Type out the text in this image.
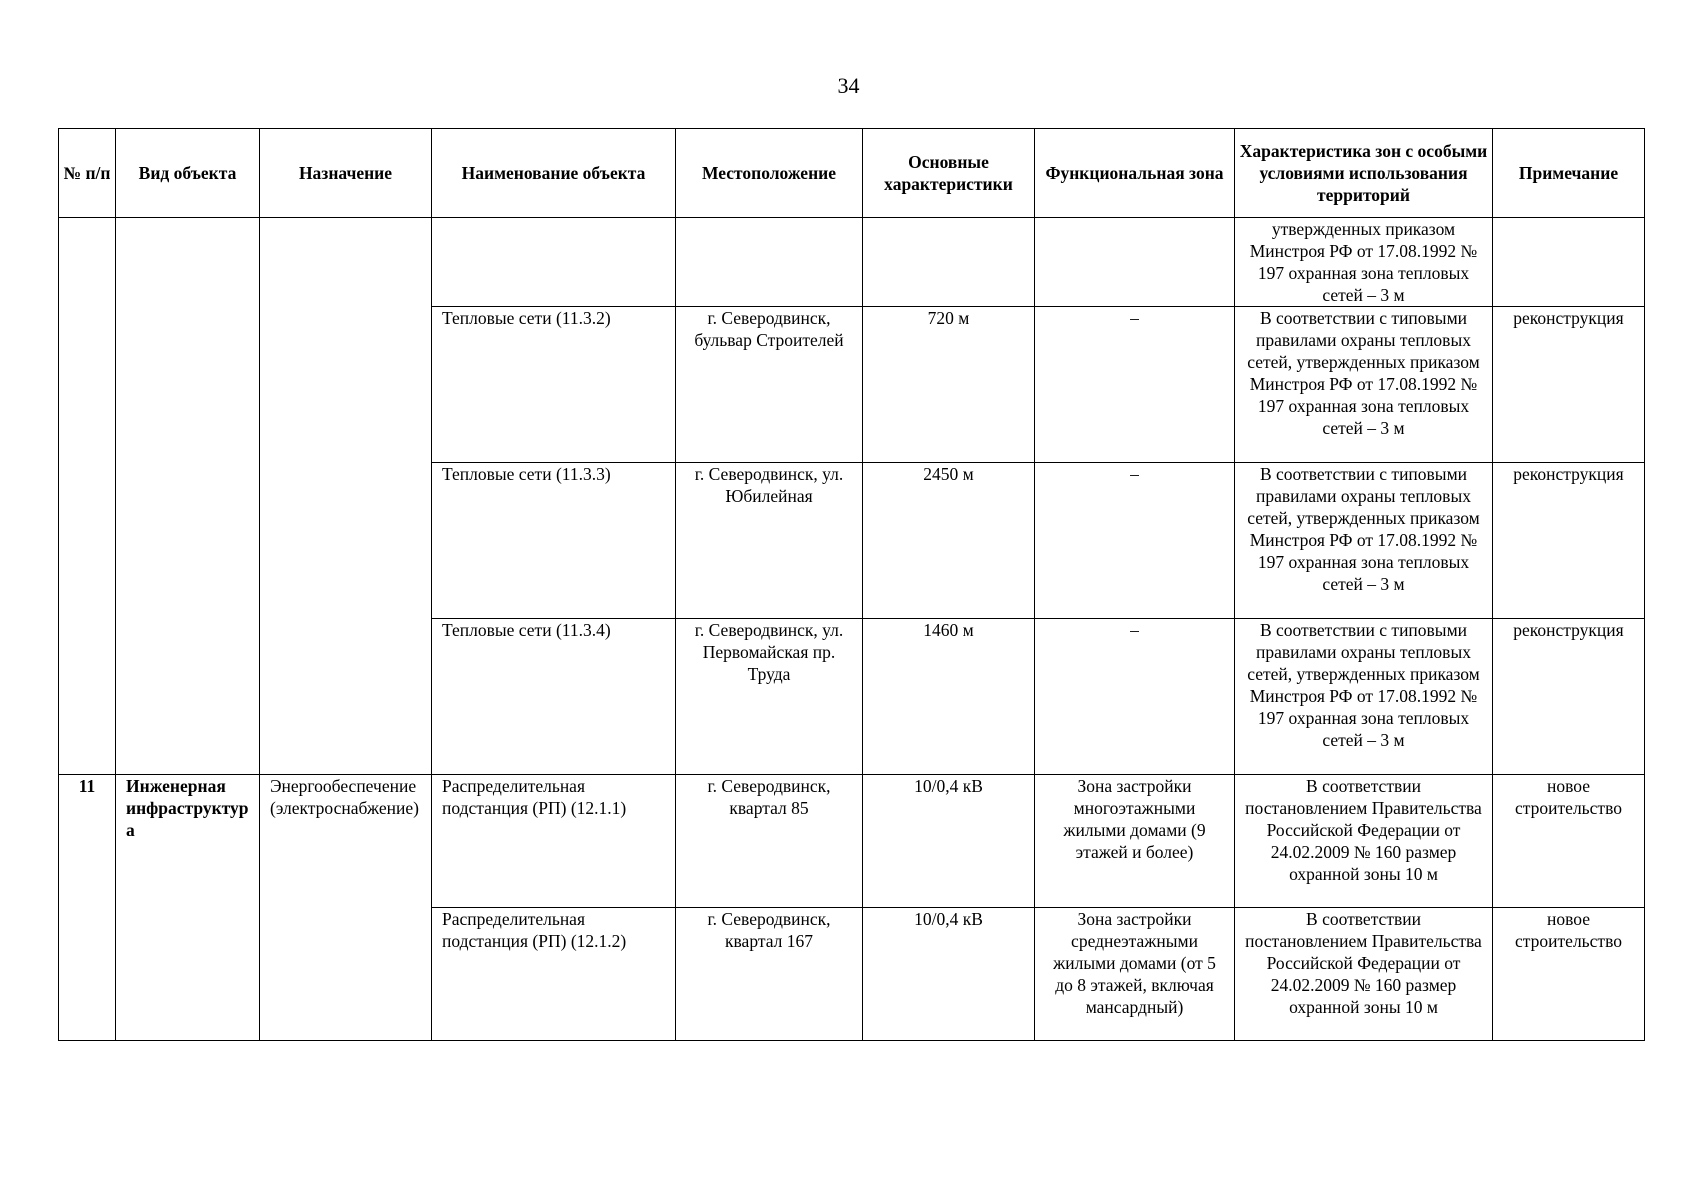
34
№ п/п	Вид объекта	Назначение	Наименование объекта	Местоположение	Основные характеристики	Функциональная зона	Характеристика зон с особыми условиями использования территорий	Примечание
							утвержденных приказом Минстроя РФ от 17.08.1992 № 197 охранная зона тепловых сетей – 3 м	
			Тепловые сети (11.3.2)	г. Северодвинск, бульвар Строителей	720 м	–	В соответствии с типовыми правилами охраны тепловых сетей, утвержденных приказом Минстроя РФ от 17.08.1992 № 197 охранная зона тепловых сетей – 3 м	реконструкция
			Тепловые сети (11.3.3)	г. Северодвинск, ул. Юбилейная	2450 м	–	В соответствии с типовыми правилами охраны тепловых сетей, утвержденных приказом Минстроя РФ от 17.08.1992 № 197 охранная зона тепловых сетей – 3 м	реконструкция
			Тепловые сети (11.3.4)	г. Северодвинск, ул. Первомайская пр. Труда	1460 м	–	В соответствии с типовыми правилами охраны тепловых сетей, утвержденных приказом Минстроя РФ от 17.08.1992 № 197 охранная зона тепловых сетей – 3 м	реконструкция
11	Инженерная инфраструктура	Энергообеспечение (электроснабжение)	Распределительная подстанция (РП) (12.1.1)	г. Северодвинск, квартал 85	10/0,4 кВ	Зона застройки многоэтажными жилыми домами (9 этажей и более)	В соответствии постановлением Правительства Российской Федерации от 24.02.2009 № 160 размер охранной зоны 10 м	новое строительство
			Распределительная подстанция (РП) (12.1.2)	г. Северодвинск, квартал 167	10/0,4 кВ	Зона застройки среднеэтажными жилыми домами (от 5 до 8 этажей, включая мансардный)	В соответствии постановлением Правительства Российской Федерации от 24.02.2009 № 160 размер охранной зоны 10 м	новое строительство
